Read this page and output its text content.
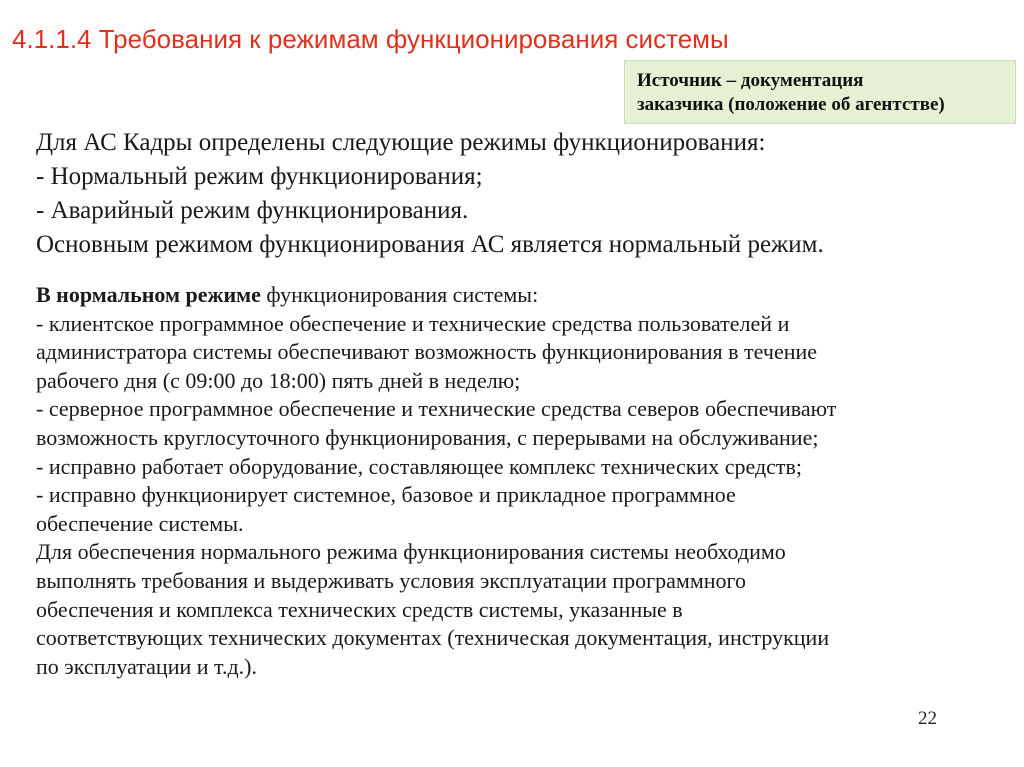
4.1.1.4 Требования к режимам функционирования системы
Источник – документация
заказчика (положение об агентстве)
Для АС Кадры определены следующие режимы функционирования:
- Нормальный режим функционирования;
- Аварийный режим функционирования.
Основным режимом функционирования АС является нормальный режим.
В нормальном режиме функционирования системы:
- клиентское программное обеспечение и технические средства пользователей и
администратора системы обеспечивают возможность функционирования в течение
рабочего дня (с 09:00 до 18:00) пять дней в неделю;
- серверное программное обеспечение и технические средства северов обеспечивают
возможность круглосуточного функционирования, с перерывами на обслуживание;
- исправно работает оборудование, составляющее комплекс технических средств;
- исправно функционирует системное, базовое и прикладное программное
обеспечение системы.
Для обеспечения нормального режима функционирования системы необходимо
выполнять требования и выдерживать условия эксплуатации программного
обеспечения и комплекса технических средств системы, указанные в
соответствующих технических документах (техническая документация, инструкции
по эксплуатации и т.д.).
22
